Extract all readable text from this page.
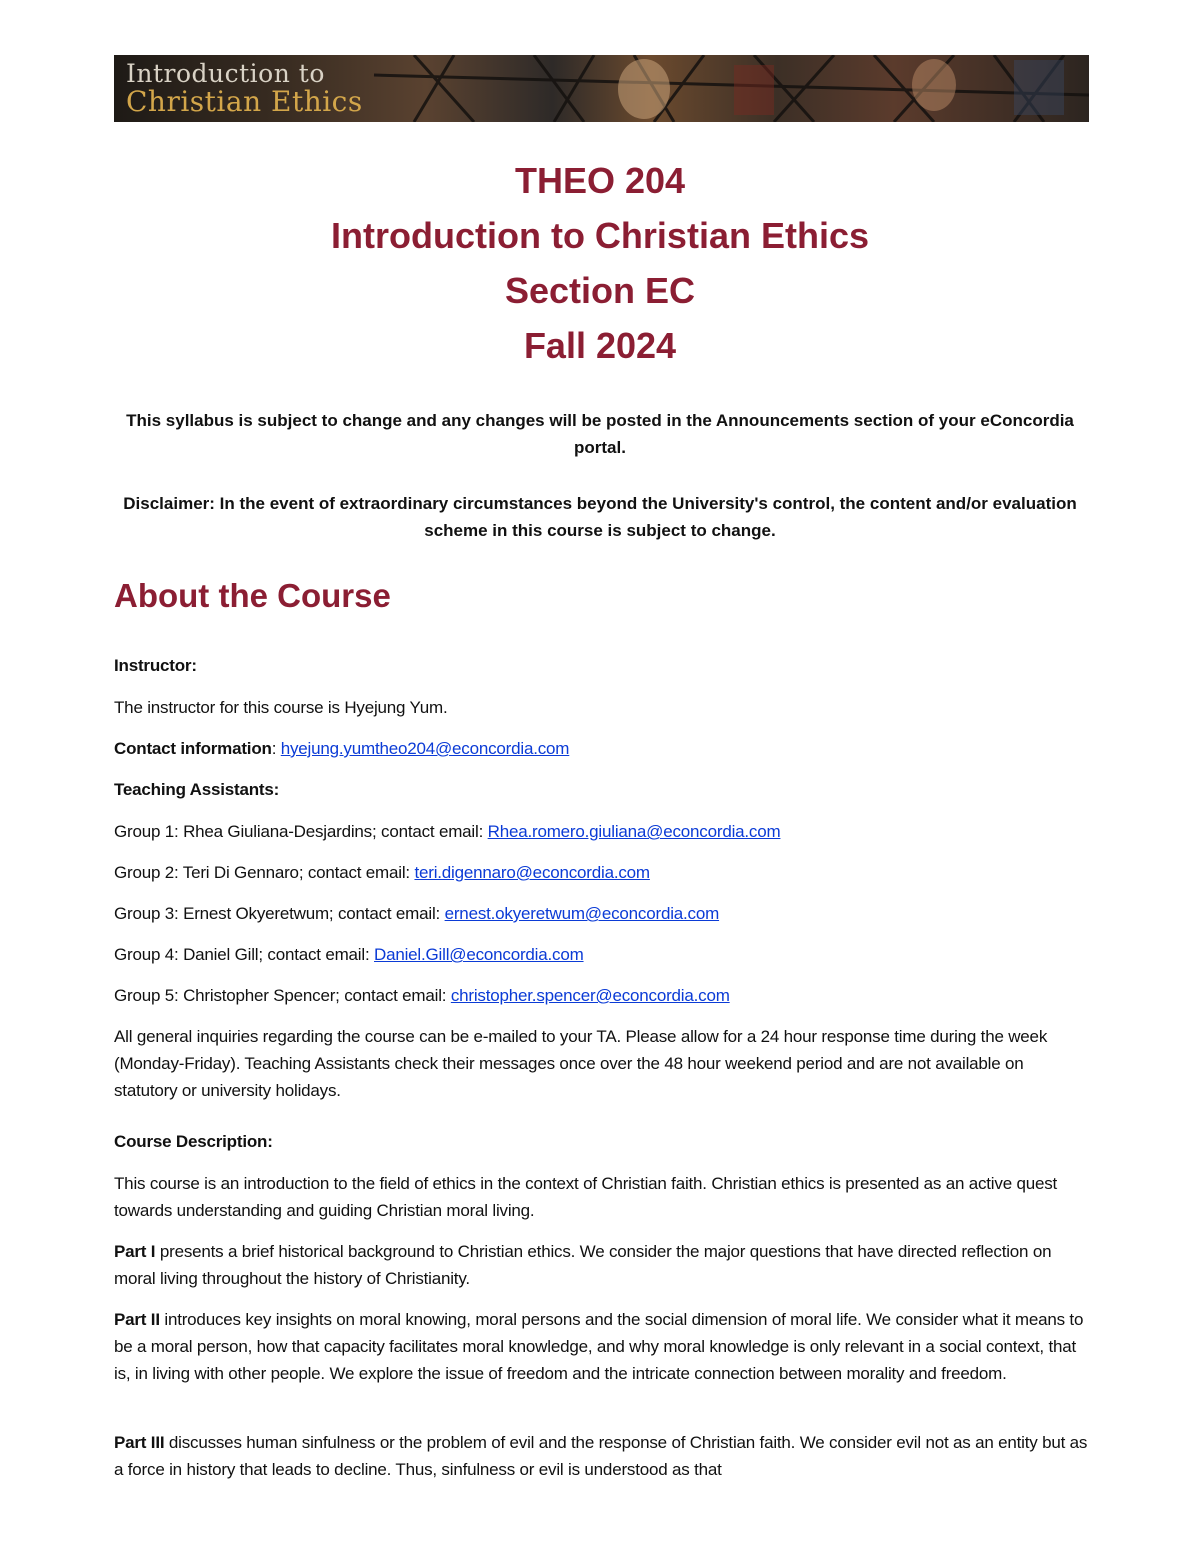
Introduction to
Christian Ethics
THEO 204
Introduction to Christian Ethics
Section EC
Fall 2024
This syllabus is subject to change and any changes will be posted in the Announcements section of your eConcordia portal.
Disclaimer: In the event of extraordinary circumstances beyond the University's control, the content and/or evaluation scheme in this course is subject to change.
About the Course
Instructor:
The instructor for this course is Hyejung Yum.
Contact information: hyejung.yumtheo204@econcordia.com
Teaching Assistants:
Group 1: Rhea Giuliana-Desjardins; contact email: Rhea.romero.giuliana@econcordia.com
Group 2: Teri Di Gennaro; contact email: teri.digennaro@econcordia.com
Group 3: Ernest Okyeretwum; contact email: ernest.okyeretwum@econcordia.com
Group 4: Daniel Gill; contact email: Daniel.Gill@econcordia.com
Group 5: Christopher Spencer; contact email: christopher.spencer@econcordia.com
All general inquiries regarding the course can be e-mailed to your TA. Please allow for a 24 hour response time during the week (Monday-Friday). Teaching Assistants check their messages once over the 48 hour weekend period and are not available on statutory or university holidays.
Course Description:
This course is an introduction to the field of ethics in the context of Christian faith. Christian ethics is presented as an active quest towards understanding and guiding Christian moral living.
Part I presents a brief historical background to Christian ethics. We consider the major questions that have directed reflection on moral living throughout the history of Christianity.
Part II introduces key insights on moral knowing, moral persons and the social dimension of moral life. We consider what it means to be a moral person, how that capacity facilitates moral knowledge, and why moral knowledge is only relevant in a social context, that is, in living with other people. We explore the issue of freedom and the intricate connection between morality and freedom.
Part III discusses human sinfulness or the problem of evil and the response of Christian faith. We consider evil not as an entity but as a force in history that leads to decline. Thus, sinfulness or evil is understood as that
